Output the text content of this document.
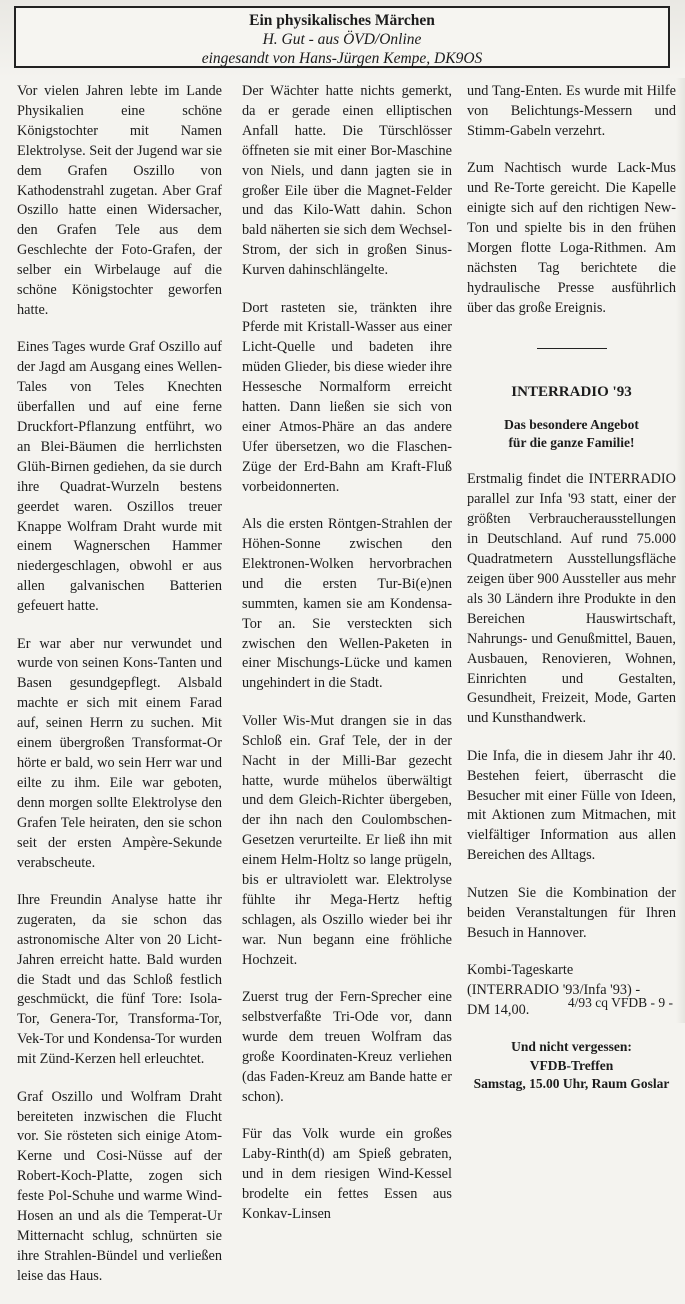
Ein physikalisches Märchen
H. Gut - aus ÖVD/Online
eingesandt von Hans-Jürgen Kempe, DK9OS

Vor vielen Jahren lebte im Lande Physikalien eine schöne Königstochter mit Namen Elektrolyse. Seit der Jugend war sie dem Grafen Oszillo von Kathodenstrahl zugetan. Aber Graf Oszillo hatte einen Widersacher, den Grafen Tele aus dem Geschlechte der Foto-Grafen, der selber ein Wirbelauge auf die schöne Königstochter geworfen hatte.

Eines Tages wurde Graf Oszillo auf der Jagd am Ausgang eines Wellen-Tales von Teles Knechten überfallen und auf eine ferne Druckfort-Pflanzung entführt, wo an Blei-Bäumen die herrlichsten Glüh-Birnen gediehen, da sie durch ihre Quadrat-Wurzeln bestens geerdet waren. Oszillos treuer Knappe Wolfram Draht wurde mit einem Wagnerschen Hammer niedergeschlagen, obwohl er aus allen galvanischen Batterien gefeuert hatte.

Er war aber nur verwundet und wurde von seinen Kons-Tanten und Basen gesundgepflegt. Alsbald machte er sich mit einem Farad auf, seinen Herrn zu suchen. Mit einem übergroßen Transformat-Or hörte er bald, wo sein Herr war und eilte zu ihm. Eile war geboten, denn morgen sollte Elektrolyse den Grafen Tele heiraten, den sie schon seit der ersten Ampère-Sekunde verabscheute.

Ihre Freundin Analyse hatte ihr zugeraten, da sie schon das astronomische Alter von 20 Licht-Jahren erreicht hatte. Bald wurden die Stadt und das Schloß festlich geschmückt, die fünf Tore: Isola-Tor, Genera-Tor, Transforma-Tor, Vek-Tor und Kondensa-Tor wurden mit Zünd-Kerzen hell erleuchtet.

Graf Oszillo und Wolfram Draht bereiteten inzwischen die Flucht vor. Sie rösteten sich einige Atom-Kerne und Cosi-Nüsse auf der Robert-Koch-Platte, zogen sich feste Pol-Schuhe und warme Wind-Hosen an und als die Temperat-Ur Mitternacht schlug, schnürten sie ihre Strahlen-Bündel und verließen leise das Haus.

Der Wächter hatte nichts gemerkt, da er gerade einen elliptischen Anfall hatte. Die Türschlösser öffneten sie mit einer Bor-Maschine von Niels, und dann jagten sie in großer Eile über die Magnet-Felder und das Kilo-Watt dahin. Schon bald näherten sie sich dem Wechsel-Strom, der sich in großen Sinus-Kurven dahinschlängelte.

Dort rasteten sie, tränkten ihre Pferde mit Kristall-Wasser aus einer Licht-Quelle und badeten ihre müden Glieder, bis diese wieder ihre Hessesche Normalform erreicht hatten. Dann ließen sie sich von einer Atmos-Phäre an das andere Ufer übersetzen, wo die Flaschen-Züge der Erd-Bahn am Kraft-Fluß vorbeidonnerten.

Als die ersten Röntgen-Strahlen der Höhen-Sonne zwischen den Elektronen-Wolken hervorbrachen und die ersten Tur-Bi(e)nen summten, kamen sie am Kondensa-Tor an. Sie versteckten sich zwischen den Wellen-Paketen in einer Mischungs-Lücke und kamen ungehindert in die Stadt.

Voller Wis-Mut drangen sie in das Schloß ein. Graf Tele, der in der Nacht in der Milli-Bar gezecht hatte, wurde mühelos überwältigt und dem Gleich-Richter übergeben, der ihn nach den Coulombschen-Gesetzen verurteilte. Er ließ ihn mit einem Helm-Holtz so lange prügeln, bis er ultraviolett war. Elektrolyse fühlte ihr Mega-Hertz heftig schlagen, als Oszillo wieder bei ihr war. Nun begann eine fröhliche Hochzeit.

Zuerst trug der Fern-Sprecher eine selbstverfaßte Tri-Ode vor, dann wurde dem treuen Wolfram das große Koordinaten-Kreuz verliehen (das Faden-Kreuz am Bande hatte er schon).

Für das Volk wurde ein großes Laby-Rinth(d) am Spieß gebraten, und in dem riesigen Wind-Kessel brodelte ein fettes Essen aus Konkav-Linsen

und Tang-Enten. Es wurde mit Hilfe von Belichtungs-Messern und Stimm-Gabeln verzehrt.

Zum Nachtisch wurde Lack-Mus und Re-Torte gereicht. Die Kapelle einigte sich auf den richtigen New-Ton und spielte bis in den frühen Morgen flotte Loga-Rithmen. Am nächsten Tag berichtete die hydraulische Presse ausführlich über das große Ereignis.

INTERRADIO '93
Das besondere Angebot
für die ganze Familie!

Erstmalig findet die INTERRADIO parallel zur Infa '93 statt, einer der größten Verbraucherausstellungen in Deutschland. Auf rund 75.000 Quadratmetern Ausstellungsfläche zeigen über 900 Aussteller aus mehr als 30 Ländern ihre Produkte in den Bereichen Hauswirtschaft, Nahrungs- und Genußmittel, Bauen, Ausbauen, Renovieren, Wohnen, Einrichten und Gestalten, Gesundheit, Freizeit, Mode, Garten und Kunsthandwerk.

Die Infa, die in diesem Jahr ihr 40. Bestehen feiert, überrascht die Besucher mit einer Fülle von Ideen, mit Aktionen zum Mitmachen, mit vielfältiger Information aus allen Bereichen des Alltags.

Nutzen Sie die Kombination der beiden Veranstaltungen für Ihren Besuch in Hannover.

Kombi-Tageskarte
(INTERRADIO '93/Infa '93) -
DM 14,00.

Und nicht vergessen:
VFDB-Treffen
Samstag, 15.00 Uhr, Raum Goslar
4/93 cq VFDB - 9 -
